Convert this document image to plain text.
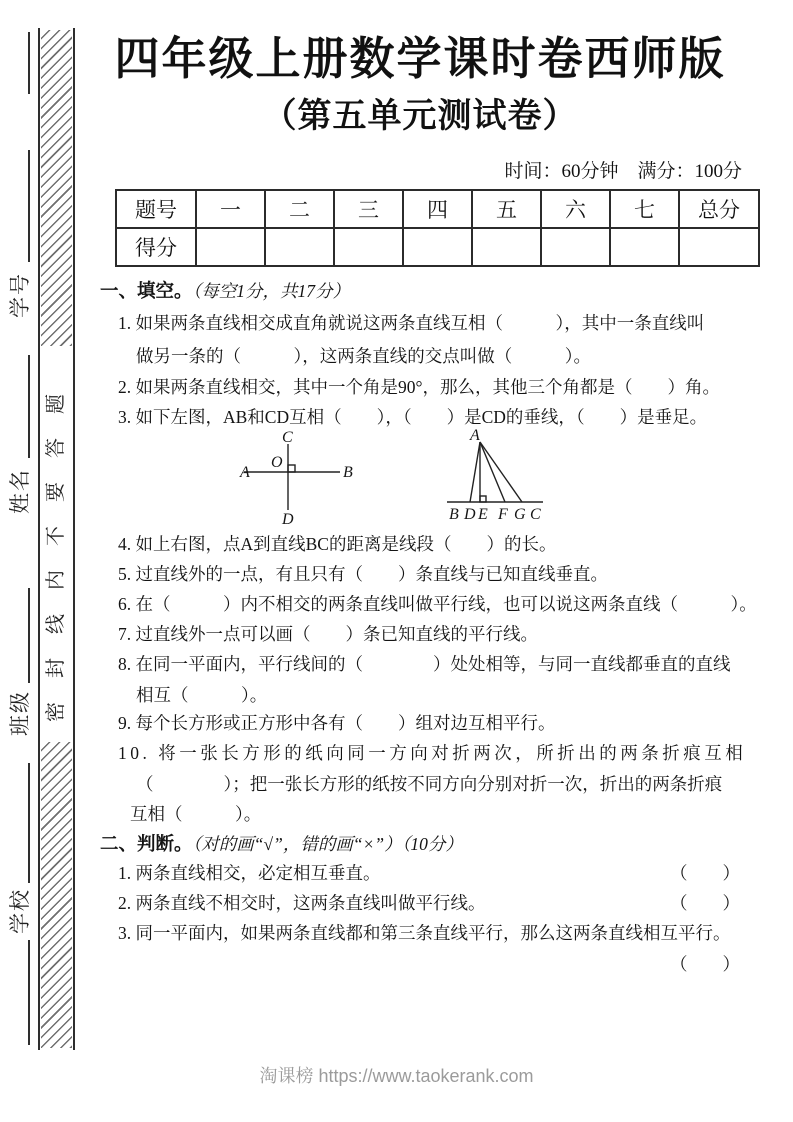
密封线内不要答题
学号
姓名
班级
学校
四年级上册数学课时卷西师版
（第五单元测试卷）
时间：60分钟　满分：100分
题号	一	二	三	四	五	六	七	总分
得分								
一、填空。（每空1分，共17分）
1. 如果两条直线相交成直角就说这两条直线互相（　　　），其中一条直线叫
做另一条的（　　　），这两条直线的交点叫做（　　　）。
2. 如果两条直线相交，其中一个角是90°，那么，其他三个角都是（　　）角。
3. 如下左图，AB和CD互相（　　），（　　）是CD的垂线，（　　）是垂足。
C
A
O
B
D
A
B D E F G C
4. 如上右图，点A到直线BC的距离是线段（　　）的长。
5. 过直线外的一点，有且只有（　　）条直线与已知直线垂直。
6. 在（　　　）内不相交的两条直线叫做平行线，也可以说这两条直线（　　　）。
7. 过直线外一点可以画（　　）条已知直线的平行线。
8. 在同一平面内，平行线间的（　　　　）处处相等，与同一直线都垂直的直线
相互（　　　）。
9. 每个长方形或正方形中各有（　　）组对边互相平行。
10. 将一张长方形的纸向同一方向对折两次，所折出的两条折痕互相
（　　　　）；把一张长方形的纸按不同方向分别对折一次，折出的两条折痕
互相（　　　）。
二、判断。（对的画“√”，错的画“×”）（10分）
1. 两条直线相交，必定相互垂直。	（　　）
2. 两条直线不相交时，这两条直线叫做平行线。	（　　）
3. 同一平面内，如果两条直线都和第三条直线平行，那么这两条直线相互平行。
（　　）
淘课榜 https://www.taokerank.com
